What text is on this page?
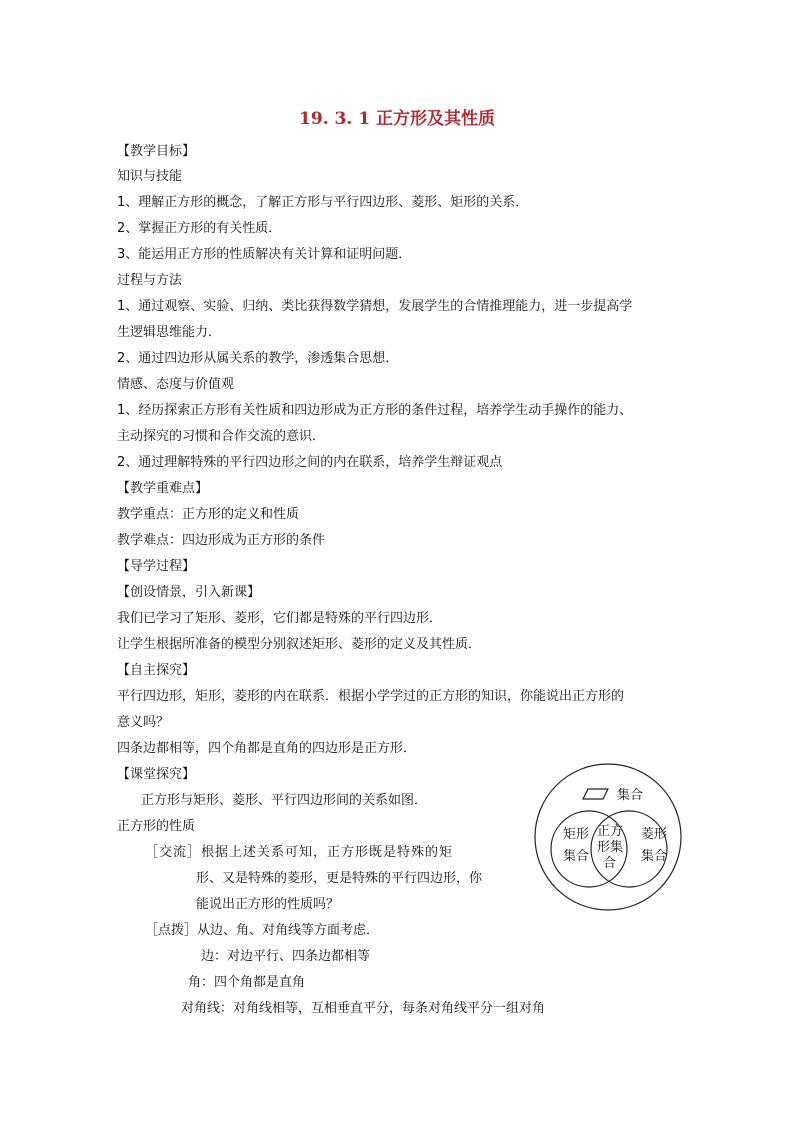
19. 3. 1 正方形及其性质
【教学目标】
知识与技能
1、理解正方形的概念，了解正方形与平行四边形、菱形、矩形的关系．
2、掌握正方形的有关性质．
3、能运用正方形的性质解决有关计算和证明问题．
过程与方法
1、通过观察、实验、归纳、类比获得数学猜想，发展学生的合情推理能力，进一步提高学
生逻辑思维能力．
2、通过四边形从属关系的教学，渗透集合思想．
情感、态度与价值观
1、经历探索正方形有关性质和四边形成为正方形的条件过程，培养学生动手操作的能力、
主动探究的习惯和合作交流的意识．
2、通过理解特殊的平行四边形之间的内在联系，培养学生辩证观点
【教学重难点】
教学重点：正方形的定义和性质
教学难点：四边形成为正方形的条件
【导学过程】
【创设情景，引入新课】
我们已学习了矩形、菱形，它们都是特殊的平行四边形．
让学生根据所准备的模型分别叙述矩形、菱形的定义及其性质．
【自主探究】
平行四边形，矩形，菱形的内在联系．根据小学学过的正方形的知识，你能说出正方形的
意义吗？
四条边都相等，四个角都是直角的四边形是正方形．
【课堂探究】
正方形与矩形、菱形、平行四边形间的关系如图．
正方形的性质
［交流］根据上述关系可知，正方形既是特殊的矩
形、又是特殊的菱形，更是特殊的平行四边形，你
能说出正方形的性质吗？
［点拨］从边、角、对角线等方面考虑．
边：对边平行、四条边都相等
角：四个角都是直角
对角线：对角线相等，互相垂直平分，每条对角线平分一组对角
集合
矩形
集合
正方
形集
合
菱形
集合
